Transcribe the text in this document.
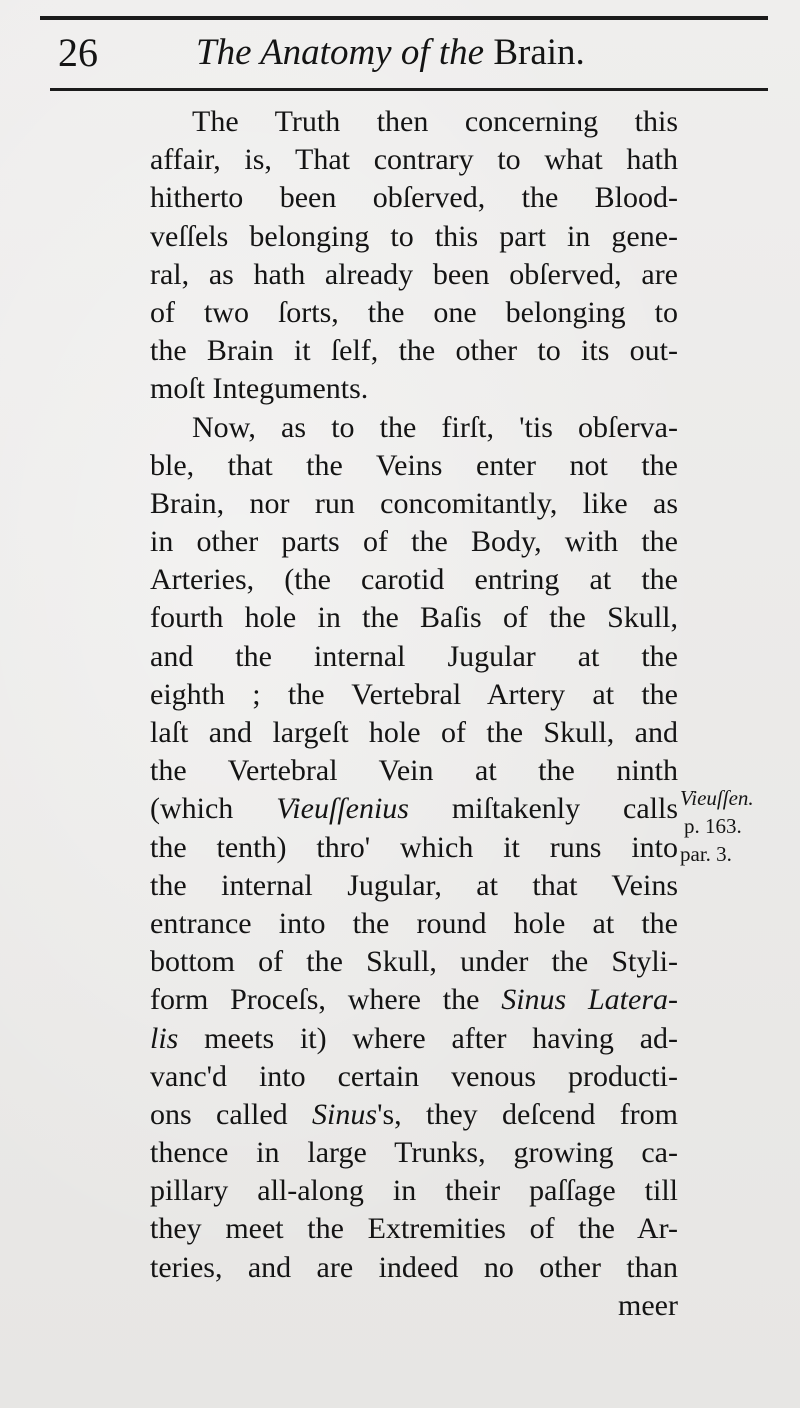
26	The Anatomy of the Brain.
The Truth then concerning this
affair, is, That contrary to what hath
hitherto been obſerved, the Blood-
veſſels belonging to this part in gene-
ral, as hath already been obſerved, are
of two ſorts, the one belonging to
the Brain it ſelf, the other to its out-
moſt Integuments.
Now, as to the firſt, 'tis obſerva-
ble, that the Veins enter not the
Brain, nor run concomitantly, like as
in other parts of the Body, with the
Arteries, (the carotid entring at the
fourth hole in the Baſis of the Skull,
and the internal Jugular at the
eighth ; the Vertebral Artery at the
laſt and largeſt hole of the Skull, and
the Vertebral Vein at the ninth
(which Vieuſſenius miſtakenly calls
the tenth) thro' which it runs into
the internal Jugular, at that Veins
entrance into the round hole at the
bottom of the Skull, under the Styli-
form Proceſs, where the Sinus Latera-
lis meets it) where after having ad-
vanc'd into certain venous producti-
ons called Sinus's, they deſcend from
thence in large Trunks, growing ca-
pillary all-along in their paſſage till
they meet the Extremities of the Ar-
teries, and are indeed no other than
meer
Vieuſſen.
p. 163.
par. 3.
